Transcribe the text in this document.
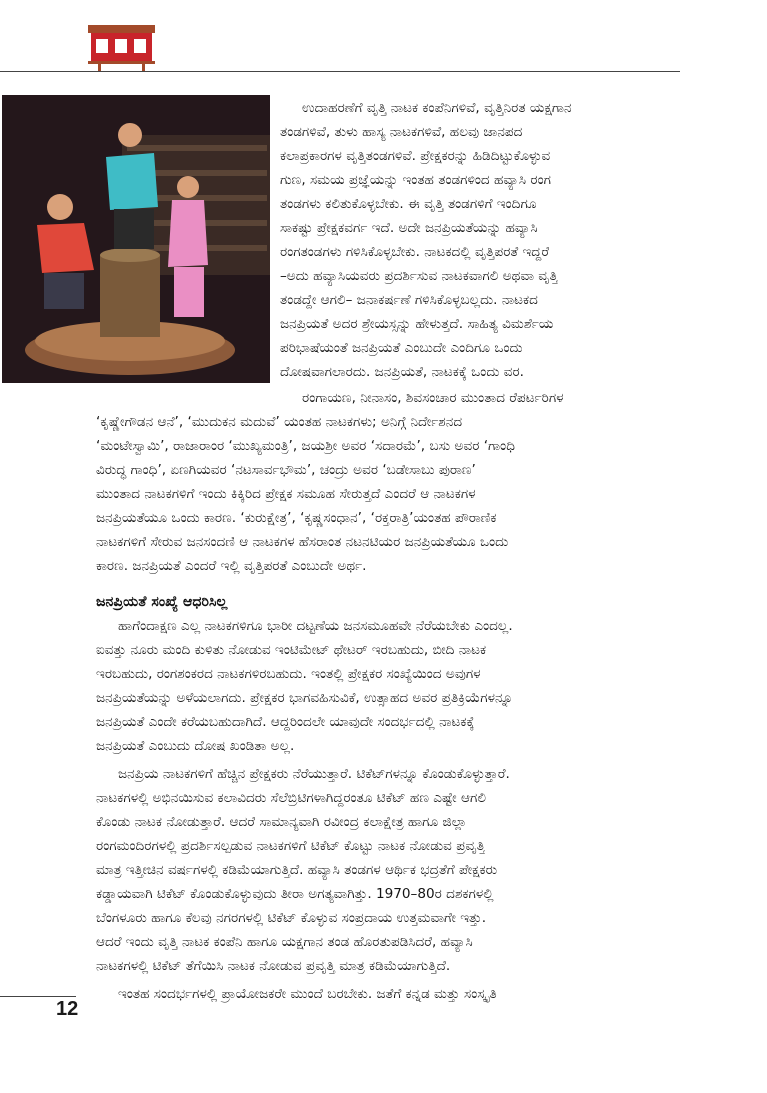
ಉದಾಹರಣೆಗೆ ವೃತ್ತಿ ನಾಟಕ ಕಂಪೆನಿಗಳಿವೆ, ವೃತ್ತಿನಿರತ ಯಕ್ಷಗಾನ
ತಂಡಗಳಿವೆ, ತುಳು ಹಾಸ್ಯ ನಾಟಕಗಳಿವೆ, ಹಲವು ಜಾನಪದ
ಕಲಾಪ್ರಕಾರಗಳ ವೃತ್ತಿತಂಡಗಳಿವೆ. ಪ್ರೇಕ್ಷಕರನ್ನು ಹಿಡಿದಿಟ್ಟುಕೊಳ್ಳುವ
ಗುಣ, ಸಮಯ ಪ್ರಜ್ಞೆಯನ್ನು ಇಂತಹ ತಂಡಗಳಿಂದ ಹವ್ಯಾಸಿ ರಂಗ
ತಂಡಗಳು ಕಲಿತುಕೊಳ್ಳಬೇಕು. ಈ ವೃತ್ತಿ ತಂಡಗಳಿಗೆ ಇಂದಿಗೂ
ಸಾಕಷ್ಟು ಪ್ರೇಕ್ಷಕವರ್ಗ ಇದೆ. ಅದೇ ಜನಪ್ರಿಯತೆಯನ್ನು ಹವ್ಯಾಸಿ
ರಂಗತಂಡಗಳು ಗಳಿಸಿಕೊಳ್ಳಬೇಕು. ನಾಟಕದಲ್ಲಿ ವೃತ್ತಿಪರತೆ ಇದ್ದರೆ
–ಅದು ಹವ್ಯಾಸಿಯವರು ಪ್ರದರ್ಶಿಸುವ ನಾಟಕವಾಗಲಿ ಅಥವಾ ವೃತ್ತಿ
ತಂಡದ್ದೇ ಆಗಲಿ– ಜನಾಕರ್ಷಣೆ ಗಳಿಸಿಕೊಳ್ಳಬಲ್ಲದು. ನಾಟಕದ
ಜನಪ್ರಿಯತೆ ಅದರ ಶ್ರೇಯಸ್ಸನ್ನು ಹೇಳುತ್ತದೆ. ಸಾಹಿತ್ಯ ವಿಮರ್ಶೆಯ
ಪರಿಭಾಷೆಯಂತೆ ಜನಪ್ರಿಯತೆ ಎಂಬುದೇ ಎಂದಿಗೂ ಒಂದು
ದೋಷವಾಗಲಾರದು. ಜನಪ್ರಿಯತೆ, ನಾಟಕಕ್ಕೆ ಒಂದು ವರ.
ರಂಗಾಯಣ, ನೀನಾಸಂ, ಶಿವಸಂಚಾರ ಮುಂತಾದ ರೆಪರ್ಟರಿಗಳ
‘ಕೃಷ್ಣೇಗೌಡನ ಆನೆ’, ‘ಮುದುಕನ ಮದುವೆ’ ಯಂತಹ ನಾಟಕಗಳು; ಅನಿಗ್ಗೆ ನಿರ್ದೇಶನದ
‘ಮಂಟೇಸ್ವಾಮಿ’, ರಾಜಾರಾಂರ ‘ಮುಖ್ಯಮಂತ್ರಿ’, ಜಯಶ್ರೀ ಅವರ ‘ಸದಾರಮೆ’, ಬಸು ಅವರ ‘ಗಾಂಧಿ
ವಿರುದ್ಧ ಗಾಂಧಿ’, ಏಣಗಿಯವರ ‘ನಟಸಾರ್ವಭೌಮ’, ಚಂದ್ರು ಅವರ ‘ಬಡೇಸಾಬು ಪುರಾಣ’
ಮುಂತಾದ ನಾಟಕಗಳಿಗೆ ಇಂದು ಕಿಕ್ಕಿರಿದ ಪ್ರೇಕ್ಷಕ ಸಮೂಹ ಸೇರುತ್ತದೆ ಎಂದರೆ ಆ ನಾಟಕಗಳ
ಜನಪ್ರಿಯತೆಯೂ ಒಂದು ಕಾರಣ. ‘ಕುರುಕ್ಷೇತ್ರ’, ‘ಕೃಷ್ಣಸಂಧಾನ’, ‘ರಕ್ತರಾತ್ರಿ’ಯಂತಹ ಪೌರಾಣಿಕ
ನಾಟಕಗಳಿಗೆ ಸೇರುವ ಜನಸಂದಣಿ ಆ ನಾಟಕಗಳ ಹೆಸರಾಂತ ನಟನಟಿಯರ ಜನಪ್ರಿಯತೆಯೂ ಒಂದು
ಕಾರಣ. ಜನಪ್ರಿಯತೆ ಎಂದರೆ ಇಲ್ಲಿ ವೃತ್ತಿಪರತೆ ಎಂಬುದೇ ಅರ್ಥ.
ಜನಪ್ರಿಯತೆ ಸಂಖ್ಯೆ ಆಧರಿಸಿಲ್ಲ
ಹಾಗೆಂದಾಕ್ಷಣ ಎಲ್ಲ ನಾಟಕಗಳಿಗೂ ಭಾರೀ ದಟ್ಟಣೆಯ ಜನಸಮೂಹವೇ ನೆರೆಯಬೇಕು ಎಂದಲ್ಲ.
ಐವತ್ತು ನೂರು ಮಂದಿ ಕುಳಿತು ನೋಡುವ ಇಂಟಿಮೇಟ್ ಥೇಟರ್ ಇರಬಹುದು, ಬೀದಿ ನಾಟಕ
ಇರಬಹುದು, ರಂಗಶಂಕರದ ನಾಟಕಗಳಿರಬಹುದು. ಇಂತಲ್ಲಿ ಪ್ರೇಕ್ಷಕರ ಸಂಖ್ಯೆಯಿಂದ ಅವುಗಳ
ಜನಪ್ರಿಯತೆಯನ್ನು ಅಳೆಯಲಾಗದು. ಪ್ರೇಕ್ಷಕರ ಭಾಗವಹಿಸುವಿಕೆ, ಉತ್ಸಾಹದ ಅವರ ಪ್ರತಿಕ್ರಿಯೆಗಳನ್ನೂ
ಜನಪ್ರಿಯತೆ ಎಂದೇ ಕರೆಯಬಹುದಾಗಿದೆ. ಆದ್ದರಿಂದಲೇ ಯಾವುದೇ ಸಂದರ್ಭದಲ್ಲಿ ನಾಟಕಕ್ಕೆ
ಜನಪ್ರಿಯತೆ ಎಂಬುದು ದೋಷ ಖಂಡಿತಾ ಅಲ್ಲ.
ಜನಪ್ರಿಯ ನಾಟಕಗಳಿಗೆ ಹೆಚ್ಚಿನ ಪ್ರೇಕ್ಷಕರು ನೆರೆಯುತ್ತಾರೆ. ಟಿಕೆಟ್‌ಗಳನ್ನೂ ಕೊಂಡುಕೊಳ್ಳುತ್ತಾರೆ.
ನಾಟಕಗಳಲ್ಲಿ ಅಭಿನಯಿಸುವ ಕಲಾವಿದರು ಸೆಲೆಬ್ರಿಟಿಗಳಾಗಿದ್ದರಂತೂ ಟಿಕೆಟ್ ಹಣ ಎಷ್ಟೇ ಆಗಲಿ
ಕೊಂಡು ನಾಟಕ ನೋಡುತ್ತಾರೆ. ಆದರೆ ಸಾಮಾನ್ಯವಾಗಿ ರವೀಂದ್ರ ಕಲಾಕ್ಷೇತ್ರ ಹಾಗೂ ಜಿಲ್ಲಾ
ರಂಗಮಂದಿರಗಳಲ್ಲಿ ಪ್ರದರ್ಶಿಸಲ್ಪಡುವ ನಾಟಕಗಳಿಗೆ ಟಿಕೆಟ್ ಕೊಟ್ಟು ನಾಟಕ ನೋಡುವ ಪ್ರವೃತ್ತಿ
ಮಾತ್ರ ಇತ್ತೀಚಿನ ವರ್ಷಗಳಲ್ಲಿ ಕಡಿಮೆಯಾಗುತ್ತಿದೆ. ಹವ್ಯಾಸಿ ತಂಡಗಳ ಆರ್ಥಿಕ ಭದ್ರತೆಗೆ ಪೇಕ್ಷಕರು
ಕಡ್ಡಾಯವಾಗಿ ಟಿಕೆಟ್ ಕೊಂಡುಕೊಳ್ಳುವುದು ತೀರಾ ಅಗತ್ಯವಾಗಿತ್ತು. 1970–80ರ ದಶಕಗಳಲ್ಲಿ
ಬೆಂಗಳೂರು ಹಾಗೂ ಕೆಲವು ನಗರಗಳಲ್ಲಿ ಟಿಕೆಟ್ ಕೊಳ್ಳುವ ಸಂಪ್ರದಾಯ ಉತ್ತಮವಾಗೇ ಇತ್ತು.
ಆದರೆ ಇಂದು ವೃತ್ತಿ ನಾಟಕ ಕಂಪೆನಿ ಹಾಗೂ ಯಕ್ಷಗಾನ ತಂಡ ಹೊರತುಪಡಿಸಿದರೆ, ಹವ್ಯಾಸಿ
ನಾಟಕಗಳಲ್ಲಿ ಟಿಕೆಟ್ ತೆಗೆಯಿಸಿ ನಾಟಕ ನೋಡುವ ಪ್ರವೃತ್ತಿ ಮಾತ್ರ ಕಡಿಮೆಯಾಗುತ್ತಿದೆ.
ಇಂತಹ ಸಂದರ್ಭಗಳಲ್ಲಿ ಪ್ರಾಯೋಜಕರೇ ಮುಂದೆ ಬರಬೇಕು. ಜತೆಗೆ ಕನ್ನಡ ಮತ್ತು ಸಂಸ್ಕೃತಿ
12
